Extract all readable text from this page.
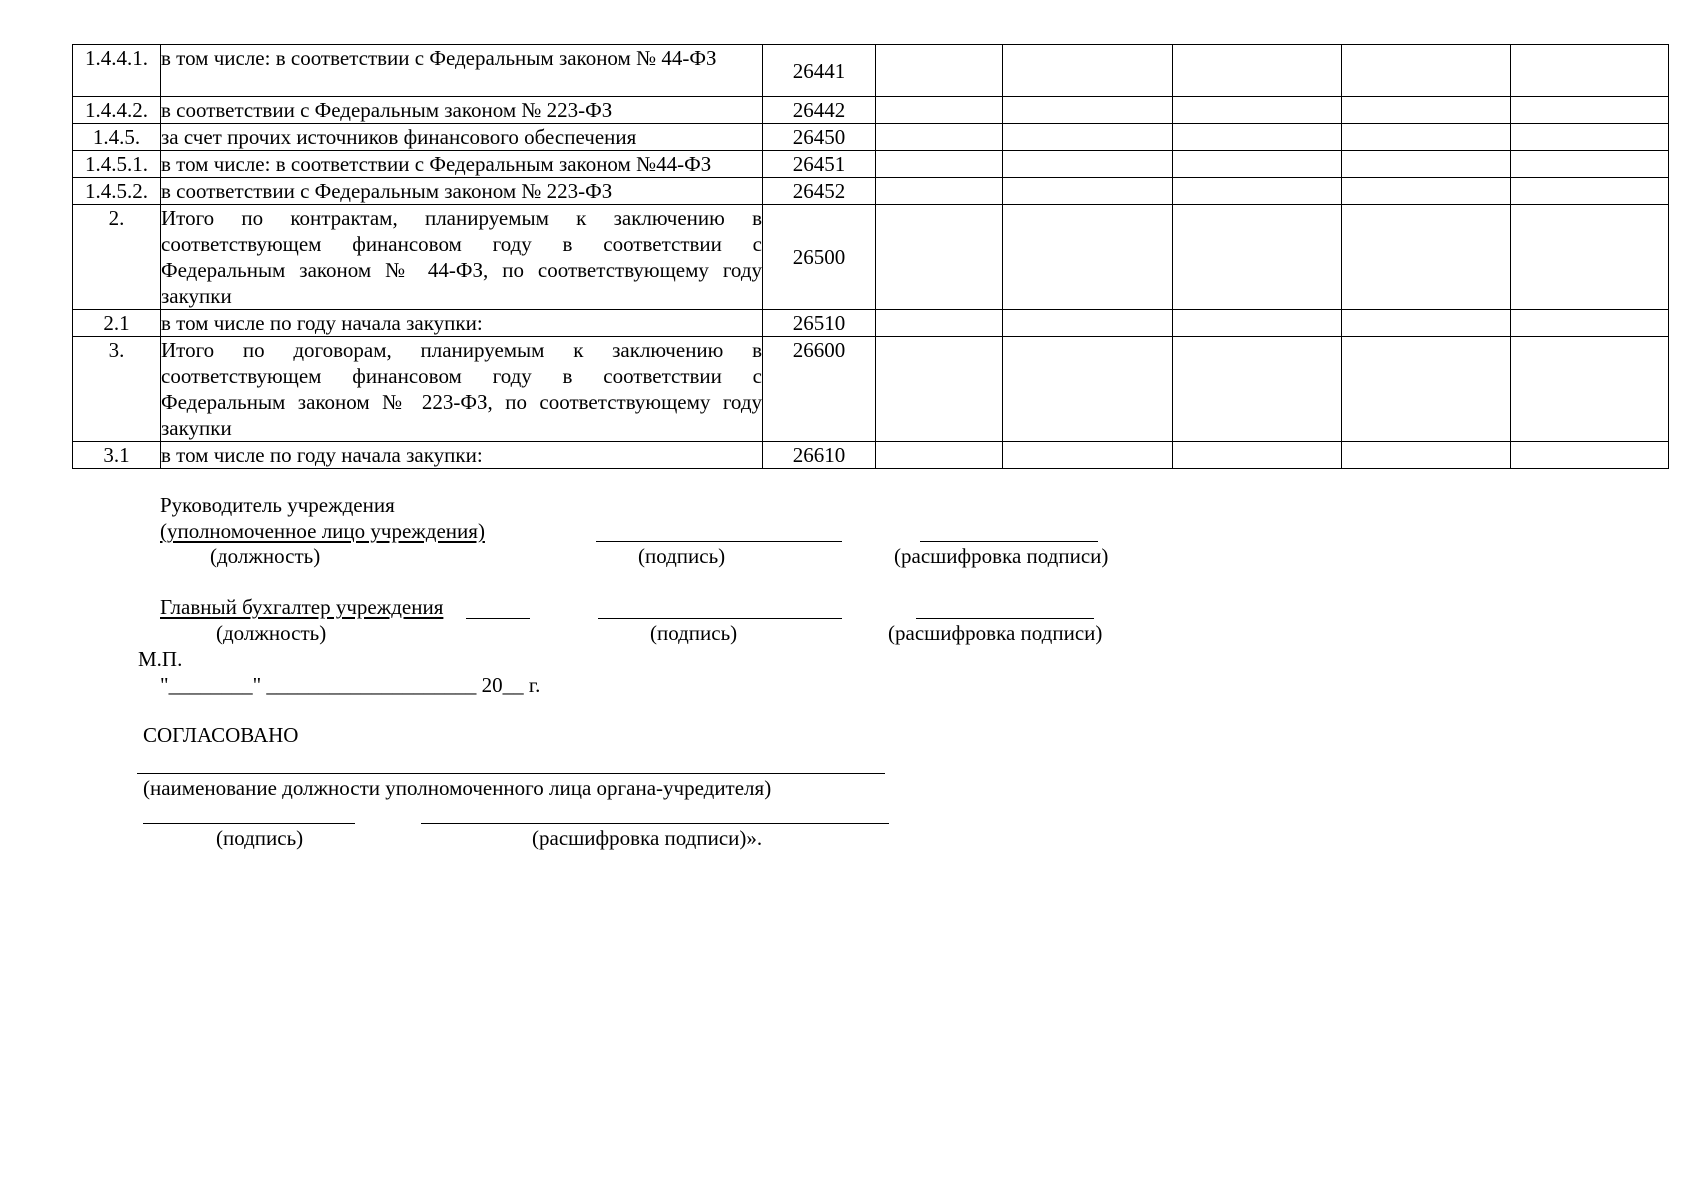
1.4.4.1.	в том числе: в соответствии с Федеральным законом № 44-ФЗ	26441					
1.4.4.2.	в соответствии с Федеральным законом № 223-ФЗ	26442					
1.4.5.	за счет прочих источников финансового обеспечения	26450					
1.4.5.1.	в том числе: в соответствии с Федеральным законом №44-ФЗ	26451					
1.4.5.2.	в соответствии с Федеральным законом № 223-ФЗ	26452					
2.	Итого по контрактам, планируемым к заключению в соответствующем финансовом году в соответствии с Федеральным законом № 44-ФЗ, по соответствующему году закупки	26500					
2.1	в том числе по году начала закупки:	26510					
3.	Итого по договорам, планируемым к заключению в соответствующем финансовом году в соответствии с Федеральным законом № 223-ФЗ, по соответствующему году закупки	26600					
3.1	в том числе по году начала закупки:	26610					
Руководитель учреждения
(уполномоченное лицо учреждения)
(должность)	(подпись)	(расшифровка подписи)
Главный бухгалтер учреждения
(должность)	(подпись)	(расшифровка подписи)
М.П.
"________" ____________________ 20__ г.
СОГЛАСОВАНО
(наименование должности уполномоченного лица органа-учредителя)
(подпись)	(расшифровка подписи)».
